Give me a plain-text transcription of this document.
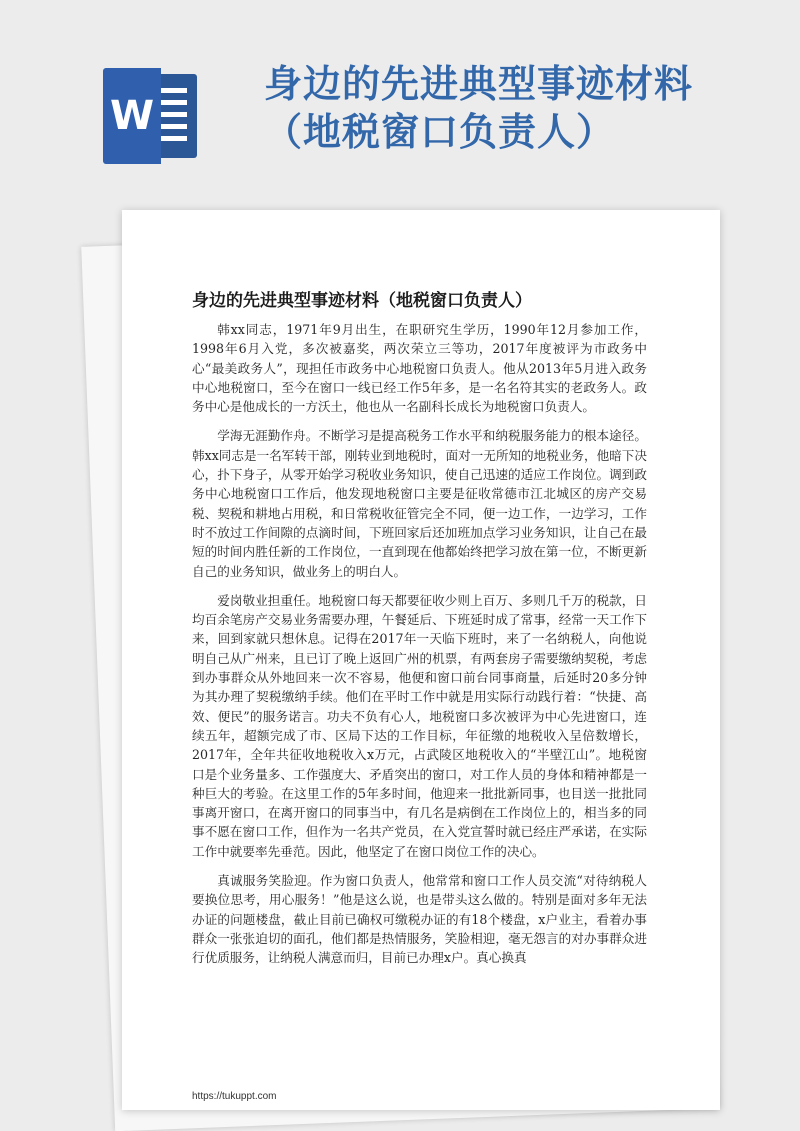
W
身边的先进典型事迹材料（地税窗口负责人）
身边的先进典型事迹材料（地税窗口负责人）

韩xx同志，1971年9月出生，在职研究生学历，1990年12月参加工作，1998年6月入党，多次被嘉奖，两次荣立三等功，2017年度被评为市政务中心“最美政务人”，现担任市政务中心地税窗口负责人。他从2013年5月进入政务中心地税窗口，至今在窗口一线已经工作5年多，是一名名符其实的老政务人。政务中心是他成长的一方沃土，他也从一名副科长成长为地税窗口负责人。

学海无涯勤作舟。不断学习是提高税务工作水平和纳税服务能力的根本途径。韩xx同志是一名军转干部，刚转业到地税时，面对一无所知的地税业务，他暗下决心，扑下身子，从零开始学习税收业务知识，使自己迅速的适应工作岗位。调到政务中心地税窗口工作后，他发现地税窗口主要是征收常德市江北城区的房产交易税、契税和耕地占用税，和日常税收征管完全不同，便一边工作，一边学习，工作时不放过工作间隙的点滴时间，下班回家后还加班加点学习业务知识，让自己在最短的时间内胜任新的工作岗位，一直到现在他都始终把学习放在第一位，不断更新自己的业务知识，做业务上的明白人。

爱岗敬业担重任。地税窗口每天都要征收少则上百万、多则几千万的税款，日均百余笔房产交易业务需要办理，午餐延后、下班延时成了常事，经常一天工作下来，回到家就只想休息。记得在2017年一天临下班时，来了一名纳税人，向他说明自己从广州来，且已订了晚上返回广州的机票，有两套房子需要缴纳契税，考虑到办事群众从外地回来一次不容易，他便和窗口前台同事商量，后延时20多分钟为其办理了契税缴纳手续。他们在平时工作中就是用实际行动践行着：“快捷、高效、便民”的服务诺言。功夫不负有心人，地税窗口多次被评为中心先进窗口，连续五年，超额完成了市、区局下达的工作目标，年征缴的地税收入呈倍数增长，2017年，全年共征收地税收入x万元，占武陵区地税收入的“半壁江山”。地税窗口是个业务量多、工作强度大、矛盾突出的窗口，对工作人员的身体和精神都是一种巨大的考验。在这里工作的5年多时间，他迎来一批批新同事，也目送一批批同事离开窗口，在离开窗口的同事当中，有几名是病倒在工作岗位上的，相当多的同事不愿在窗口工作，但作为一名共产党员，在入党宣誓时就已经庄严承诺，在实际工作中就要率先垂范。因此，他坚定了在窗口岗位工作的决心。

真诚服务笑脸迎。作为窗口负责人，他常常和窗口工作人员交流“对待纳税人要换位思考，用心服务！”他是这么说，也是带头这么做的。特别是面对多年无法办证的问题楼盘，截止目前已确权可缴税办证的有18个楼盘，x户业主，看着办事群众一张张迫切的面孔，他们都是热情服务，笑脸相迎，毫无怨言的对办事群众进行优质服务，让纳税人满意而归，目前已办理x户。真心换真

https://tukuppt.com
